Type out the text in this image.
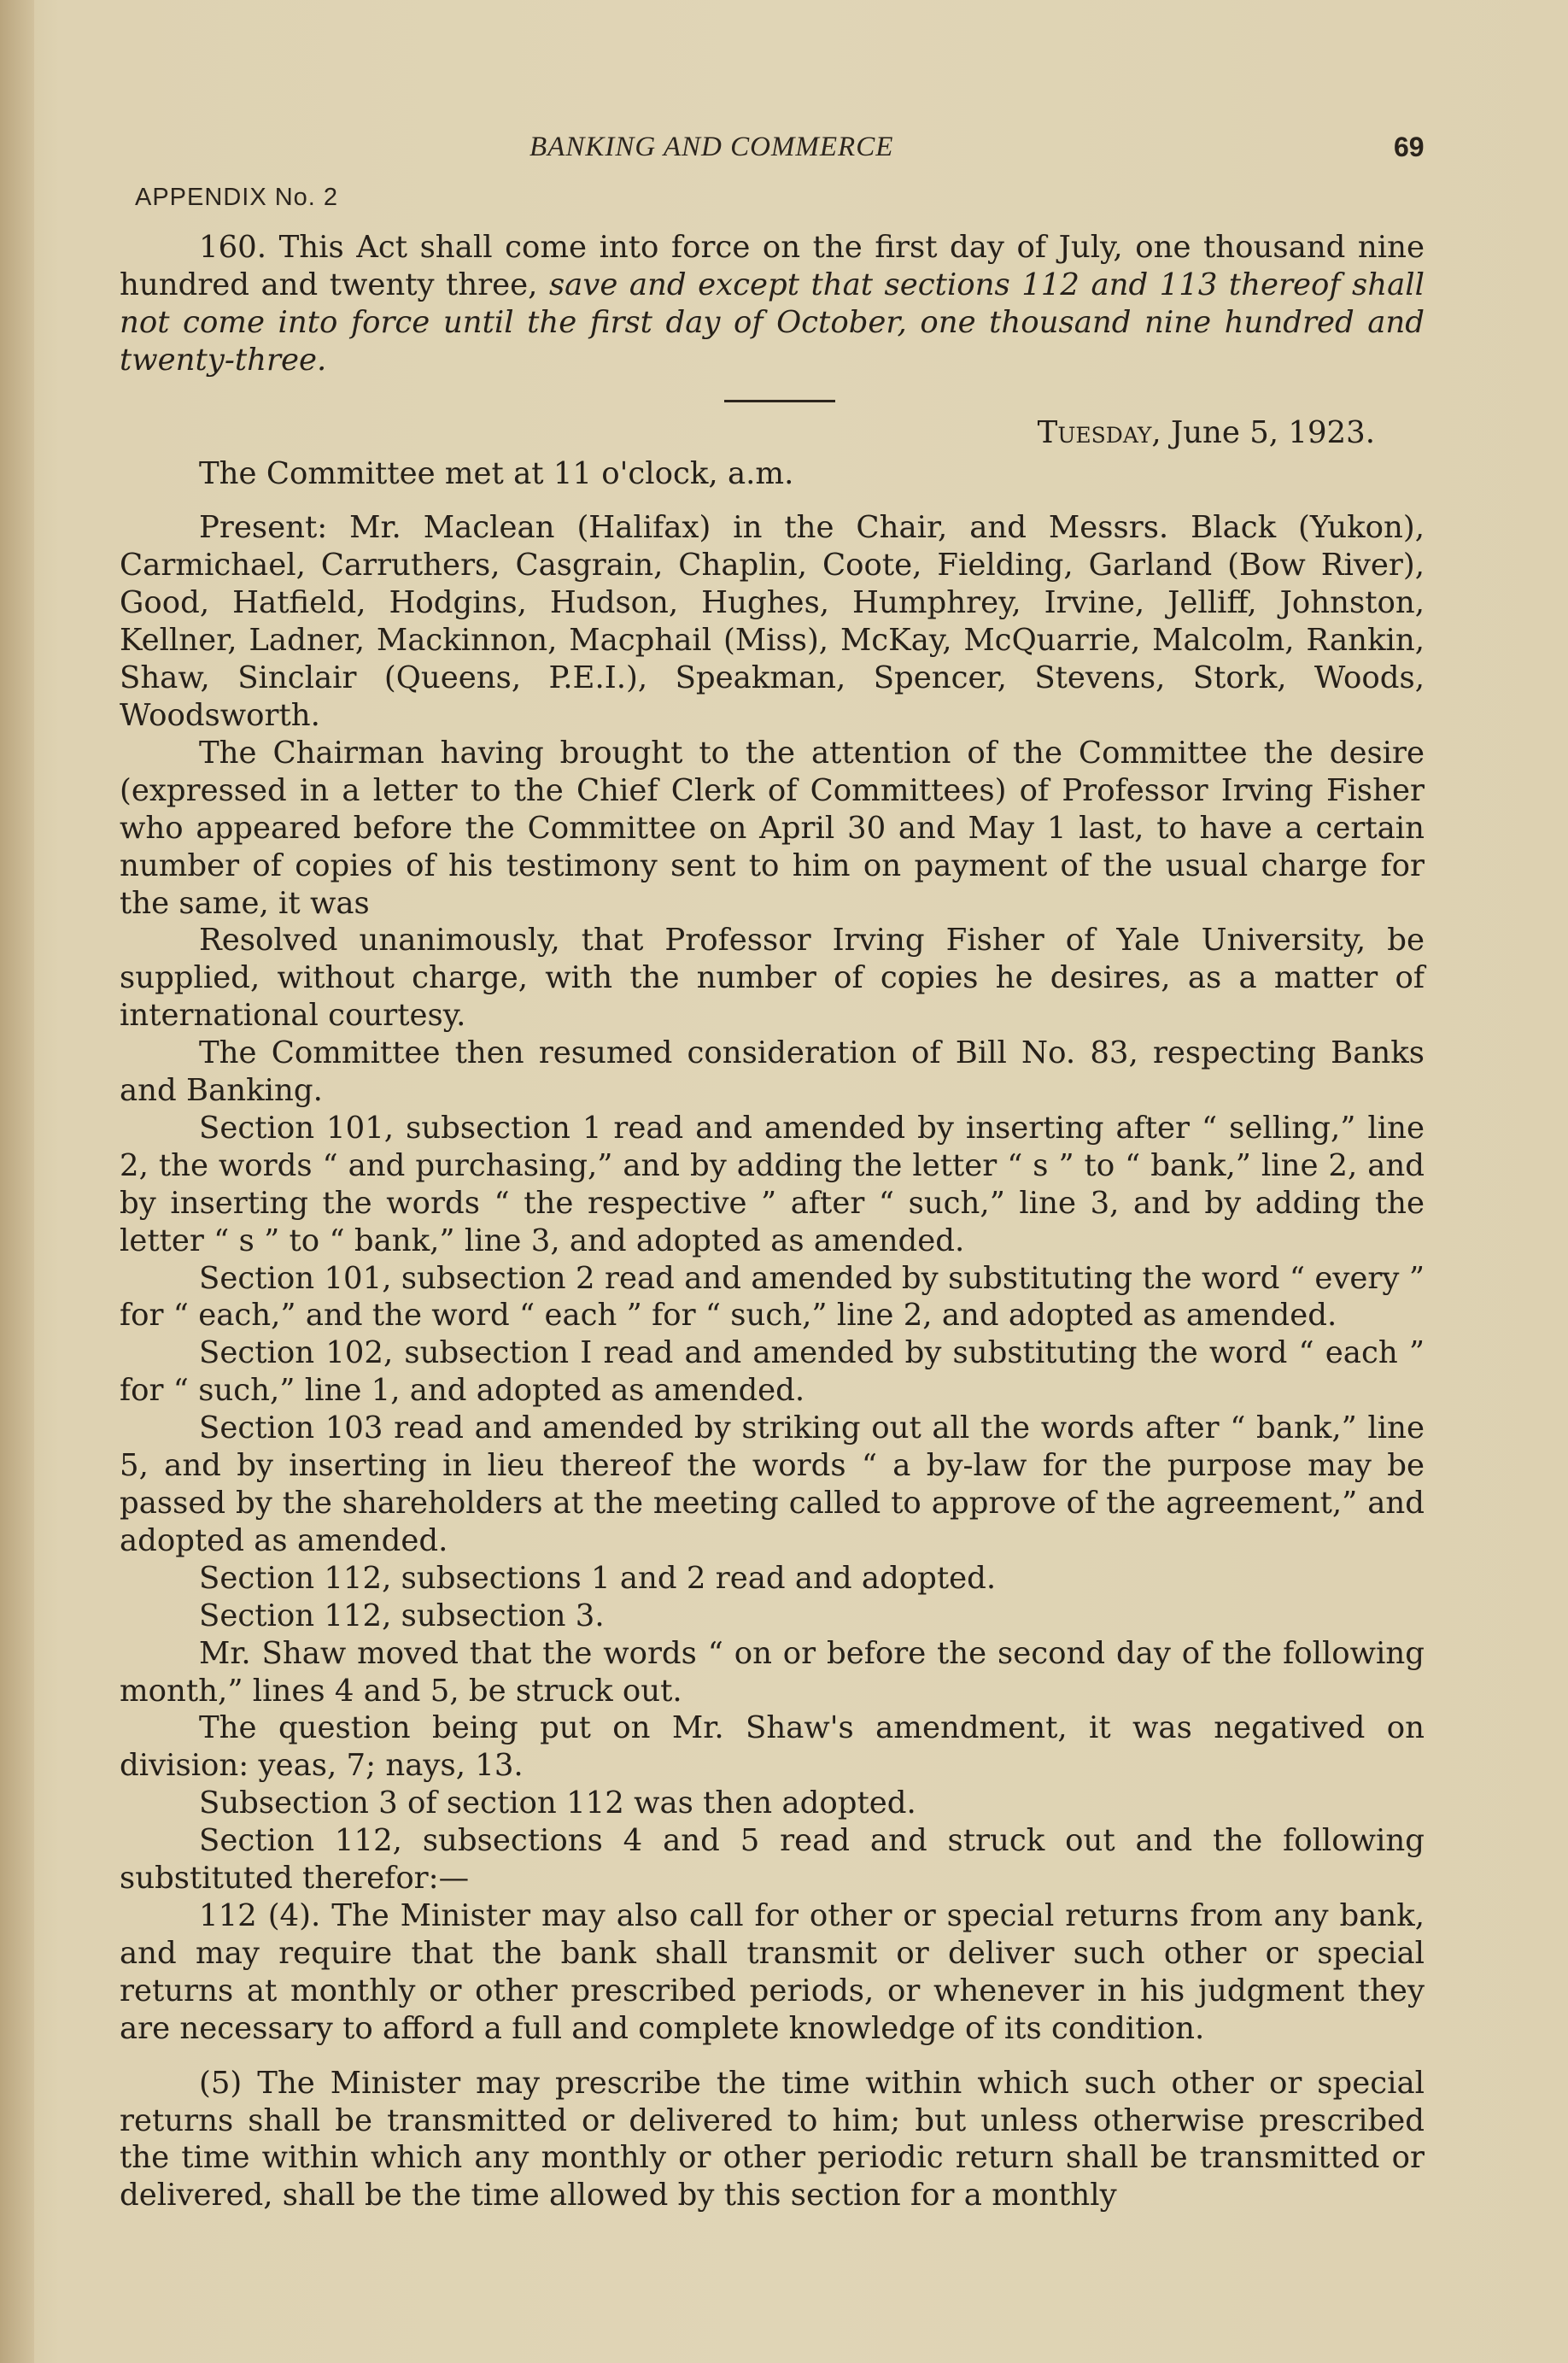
BANKING AND COMMERCE	69
APPENDIX No. 2

160. This Act shall come into force on the first day of July, one thousand nine hundred and twenty three, save and except that sections 112 and 113 thereof shall not come into force until the first day of October, one thousand nine hundred and twenty-three.

Tuesday, June 5, 1923.

The Committee met at 11 o'clock, a.m.

Present: Mr. Maclean (Halifax) in the Chair, and Messrs. Black (Yukon), Carmichael, Carruthers, Casgrain, Chaplin, Coote, Fielding, Garland (Bow River), Good, Hatfield, Hodgins, Hudson, Hughes, Humphrey, Irvine, Jelliff, Johnston, Kellner, Ladner, Mackinnon, Macphail (Miss), McKay, McQuarrie, Malcolm, Rankin, Shaw, Sinclair (Queens, P.E.I.), Speakman, Spencer, Stevens, Stork, Woods, Woodsworth.

The Chairman having brought to the attention of the Committee the desire (expressed in a letter to the Chief Clerk of Committees) of Professor Irving Fisher who appeared before the Committee on April 30 and May 1 last, to have a certain number of copies of his testimony sent to him on payment of the usual charge for the same, it was

Resolved unanimously, that Professor Irving Fisher of Yale University, be supplied, without charge, with the number of copies he desires, as a matter of international courtesy.

The Committee then resumed consideration of Bill No. 83, respecting Banks and Banking.

Section 101, subsection 1 read and amended by inserting after “ selling,” line 2, the words “ and purchasing,” and by adding the letter “ s ” to “ bank,” line 2, and by inserting the words “ the respective ” after “ such,” line 3, and by adding the letter “ s ” to “ bank,” line 3, and adopted as amended.

Section 101, subsection 2 read and amended by substituting the word “ every ” for “ each,” and the word “ each ” for “ such,” line 2, and adopted as amended.

Section 102, subsection I read and amended by substituting the word “ each ” for “ such,” line 1, and adopted as amended.

Section 103 read and amended by striking out all the words after “ bank,” line 5, and by inserting in lieu thereof the words “ a by-law for the purpose may be passed by the shareholders at the meeting called to approve of the agreement,” and adopted as amended.

Section 112, subsections 1 and 2 read and adopted.

Section 112, subsection 3.

Mr. Shaw moved that the words “ on or before the second day of the following month,” lines 4 and 5, be struck out.

The question being put on Mr. Shaw's amendment, it was negatived on division: yeas, 7; nays, 13.

Subsection 3 of section 112 was then adopted.

Section 112, subsections 4 and 5 read and struck out and the following substituted therefor:—

112 (4). The Minister may also call for other or special returns from any bank, and may require that the bank shall transmit or deliver such other or special returns at monthly or other prescribed periods, or whenever in his judgment they are necessary to afford a full and complete knowledge of its condition.

(5) The Minister may prescribe the time within which such other or special returns shall be transmitted or delivered to him; but unless otherwise prescribed the time within which any monthly or other periodic return shall be transmitted or delivered, shall be the time allowed by this section for a monthly
